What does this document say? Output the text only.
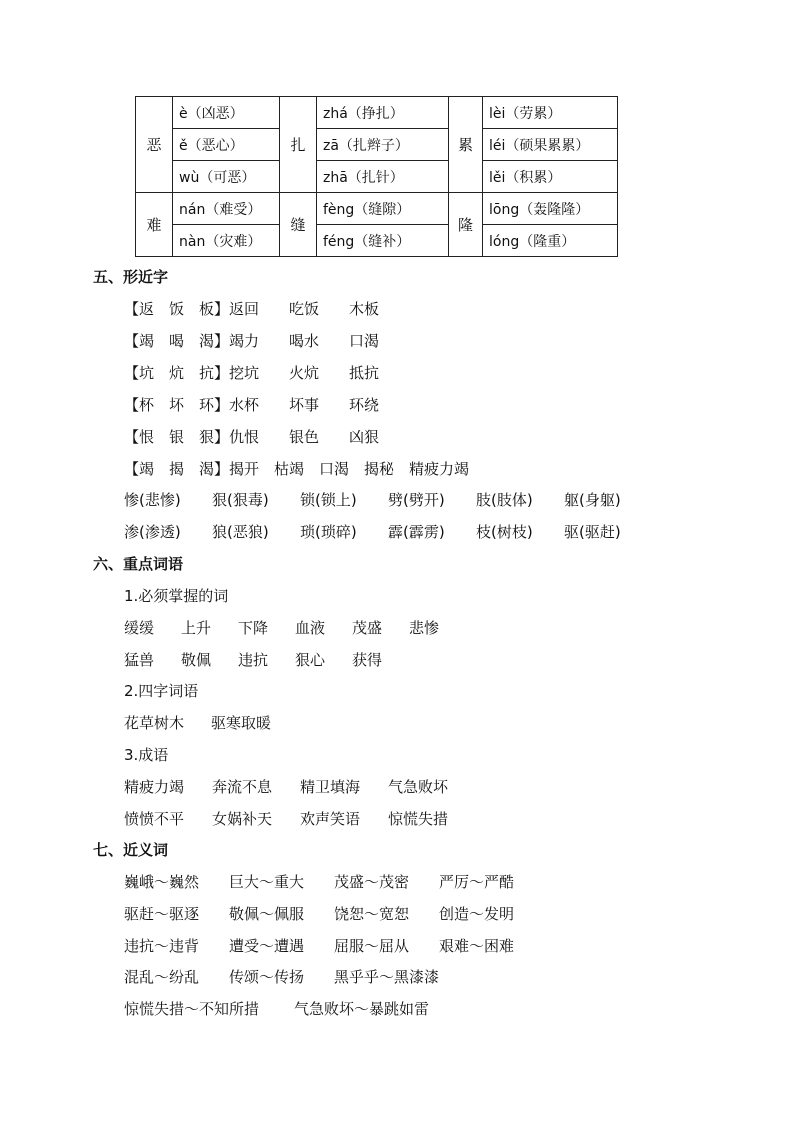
恶	è（凶恶）	扎	zhá（挣扎）	累	lèi（劳累）
	ě（恶心）		zā（扎辫子）		léi（硕果累累）
	wù（可恶）		zhā（扎针）		lěi（积累）
难	nán（难受）	缝	fèng（缝隙）	隆	lōng（轰隆隆）
	nàn（灾难）		féng（缝补）		lóng（隆重）
五、形近字
【返　饭　板】返回　　吃饭　　木板
【竭　喝　渴】竭力　　喝水　　口渴
【坑　炕　抗】挖坑　　火炕　　抵抗
【杯　坏　环】水杯　　坏事　　环绕
【恨　银　狠】仇恨　　银色　　凶狠
【竭　揭　渴】揭开　枯竭　口渴　揭秘　精疲力竭
惨(悲惨) 狠(狠毒) 锁(锁上) 劈(劈开) 肢(肢体) 躯(身躯)
渗(渗透) 狼(恶狼) 琐(琐碎) 霹(霹雳) 枝(树枝) 驱(驱赶)
六、重点词语
1.必须掌握的词
缓缓 上升 下降 血液 茂盛 悲惨
猛兽 敬佩 违抗 狠心 获得
2.四字词语
花草树木 驱寒取暖
3.成语
精疲力竭 奔流不息 精卫填海 气急败坏
愤愤不平 女娲补天 欢声笑语 惊慌失措
七、近义词
巍峨～巍然 巨大～重大 茂盛～茂密 严厉～严酷
驱赶～驱逐 敬佩～佩服 饶恕～宽恕 创造～发明
违抗～违背 遭受～遭遇 屈服～屈从 艰难～困难
混乱～纷乱 传颂～传扬 黑乎乎～黑漆漆
惊慌失措～不知所措 气急败坏～暴跳如雷
